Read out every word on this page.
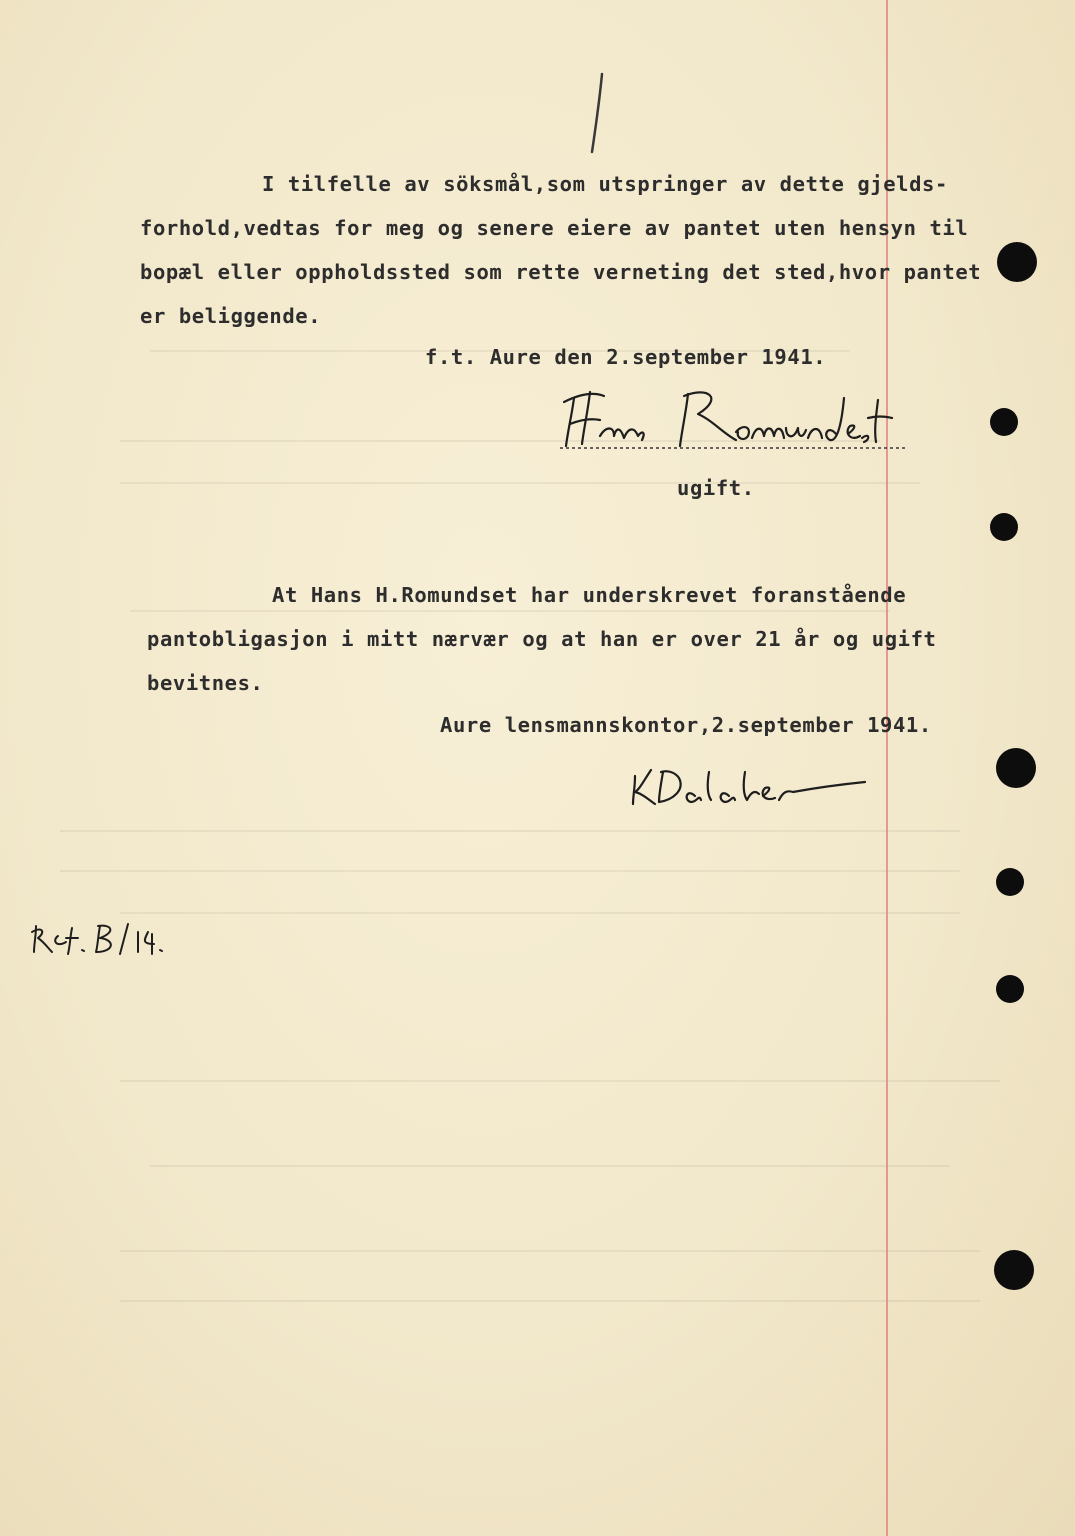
I tilfelle av söksmål,som utspringer av dette gjelds-
forhold,vedtas for meg og senere eiere av pantet uten hensyn til
bopæl eller oppholdssted som rette verneting det sted,hvor pantet
er beliggende.
f.t. Aure den 2.september 1941.
ugift.
At Hans H.Romundset har underskrevet foranstående
pantobligasjon i mitt nærvær og at han er over 21 år og ugift
bevitnes.
Aure lensmannskontor,2.september 1941.
